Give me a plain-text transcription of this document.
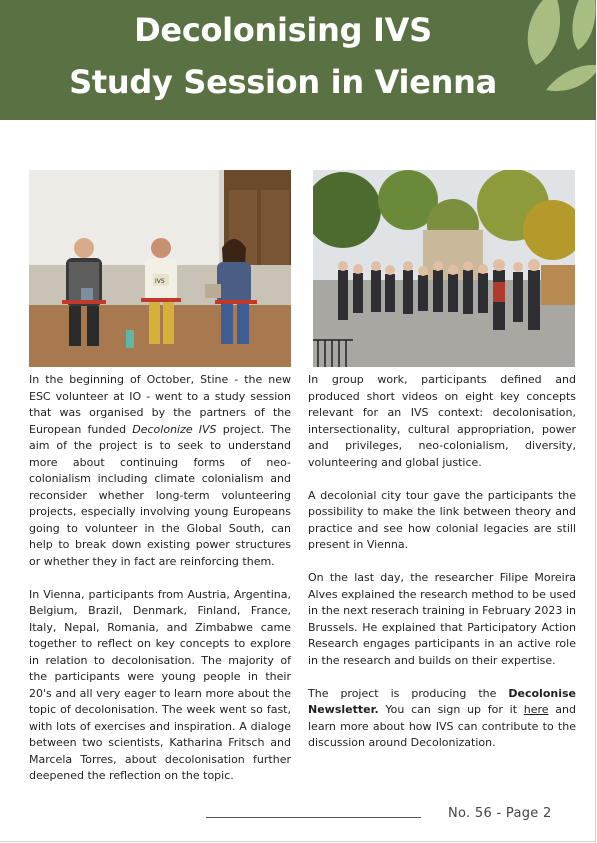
Decolonising IVS
Study Session in Vienna
IVS

In the beginning of October, Stine - the new ESC volunteer at IO - went to a study session that was organised by the partners of the European funded Decolonize IVS project. The aim of the project is to seek to understand more about continuing forms of neo-colonialism including climate colonialism and reconsider whether long-term volunteering projects, especially involving young Europeans going to volunteer in the Global South, can help to break down existing power structures or whether they in fact are reinforcing them.

In Vienna, participants from Austria, Argentina, Belgium, Brazil, Denmark, Finland, France, Italy, Nepal, Romania, and Zimbabwe came together to reflect on key concepts to explore in relation to decolonisation. The majority of the participants were young people in their 20's and all very eager to learn more about the topic of decolonisation. The week went so fast, with lots of exercises and inspiration. A dialoge between two scientists, Katharina Fritsch and Marcela Torres, about decolonisation further deepened the reflection on the topic.

In group work, participants defined and produced short videos on eight key concepts relevant for an IVS context: decolonisation, intersectionality, cultural appropriation, power and privileges, neo-colonialism, diversity, volunteering and global justice.

A decolonial city tour gave the participants the possibility to make the link between theory and practice and see how colonial legacies are still present in Vienna.

On the last day, the researcher Filipe Moreira Alves explained the research method to be used in the next reserach training in February 2023 in Brussels. He explained that Participatory Action Research engages participants in an active role in the research and builds on their expertise.

The project is producing the Decolonise Newsletter. You can sign up for it here and learn more about how IVS can contribute to the discussion around Decolonization.

No. 56 - Page 2
